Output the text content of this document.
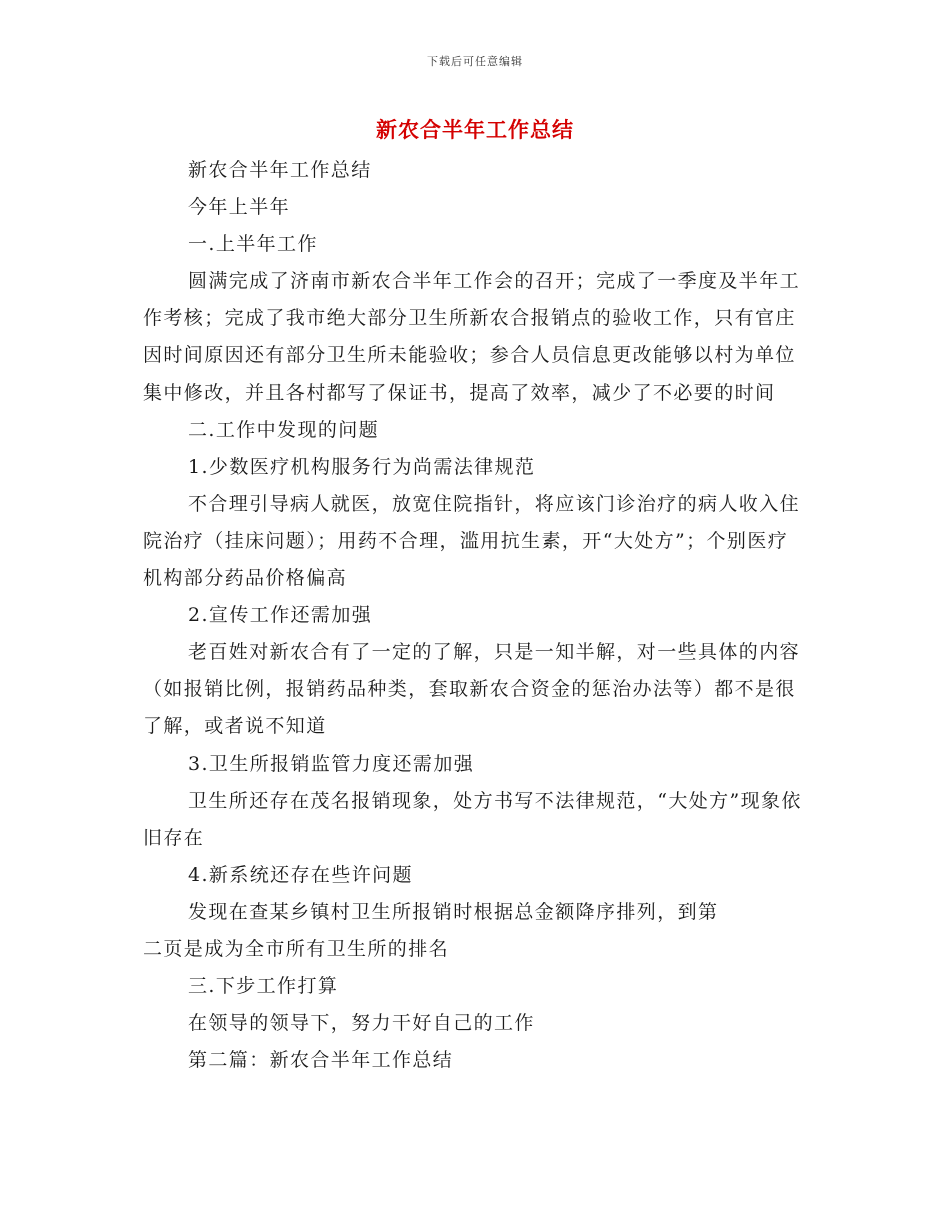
下载后可任意编辑
新农合半年工作总结

新农合半年工作总结

今年上半年

一.上半年工作

圆满完成了济南市新农合半年工作会的召开；完成了一季度及半年工作考核；完成了我市绝大部分卫生所新农合报销点的验收工作，只有官庄因时间原因还有部分卫生所未能验收；参合人员信息更改能够以村为单位集中修改，并且各村都写了保证书，提高了效率，减少了不必要的时间

二.工作中发现的问题

1.少数医疗机构服务行为尚需法律规范

不合理引导病人就医，放宽住院指针，将应该门诊治疗的病人收入住院治疗（挂床问题）；用药不合理，滥用抗生素，开“大处方”；个别医疗机构部分药品价格偏高

2.宣传工作还需加强

老百姓对新农合有了一定的了解，只是一知半解，对一些具体的内容（如报销比例，报销药品种类，套取新农合资金的惩治办法等）都不是很了解，或者说不知道

3.卫生所报销监管力度还需加强

卫生所还存在茂名报销现象，处方书写不法律规范，“大处方”现象依旧存在

4.新系统还存在些许问题

发现在查某乡镇村卫生所报销时根据总金额降序排列，到第

二页是成为全市所有卫生所的排名

三.下步工作打算

在领导的领导下，努力干好自己的工作

第二篇：新农合半年工作总结
